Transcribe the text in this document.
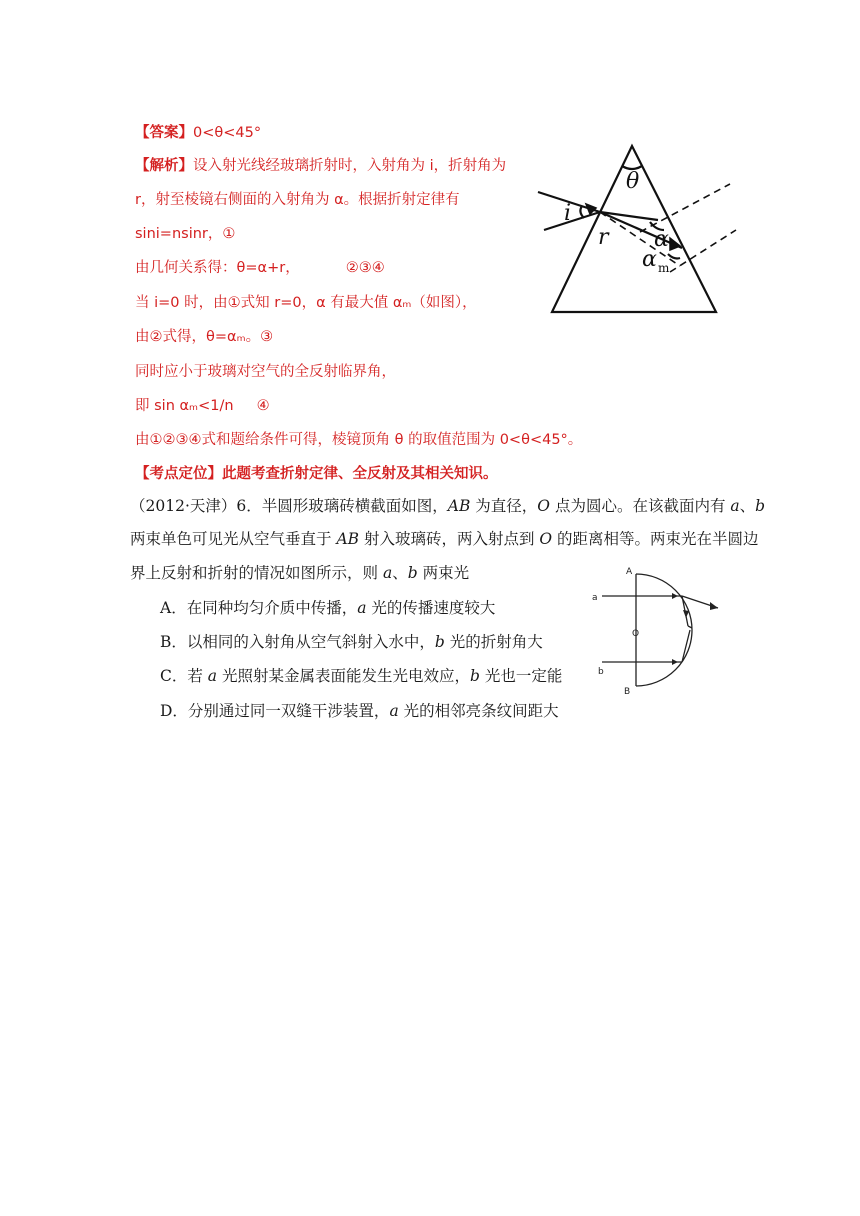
【答案】0<θ<45°
【解析】设入射光线经玻璃折射时，入射角为 i，折射角为
r，射至棱镜右侧面的入射角为 α。根据折射定律有
sini=nsinr，①
由几何关系得：θ=α+r，          ②③④
当 i=0 时，由①式知 r=0，α 有最大值 αₘ（如图），
由②式得，θ=αₘ。③
同时应小于玻璃对空气的全反射临界角，
即 sin αₘ<1/n     ④
由①②③④式和题给条件可得，棱镜顶角 θ 的取值范围为 0<θ<45°。
【考点定位】此题考查折射定律、全反射及其相关知识。
（2012·天津）6．半圆形玻璃砖横截面如图，AB 为直径，O 点为圆心。在该截面内有 a、b
两束单色可见光从空气垂直于 AB 射入玻璃砖，两入射点到 O 的距离相等。两束光在半圆边
界上反射和折射的情况如图所示，则 a、b 两束光
A．在同种均匀介质中传播，a 光的传播速度较大
B．以相同的入射角从空气斜射入水中，b 光的折射角大
C．若 a 光照射某金属表面能发生光电效应，b 光也一定能
D．分别通过同一双缝干涉装置，a 光的相邻亮条纹间距大
θ
i
r α
α m
A
B
O
a
b
